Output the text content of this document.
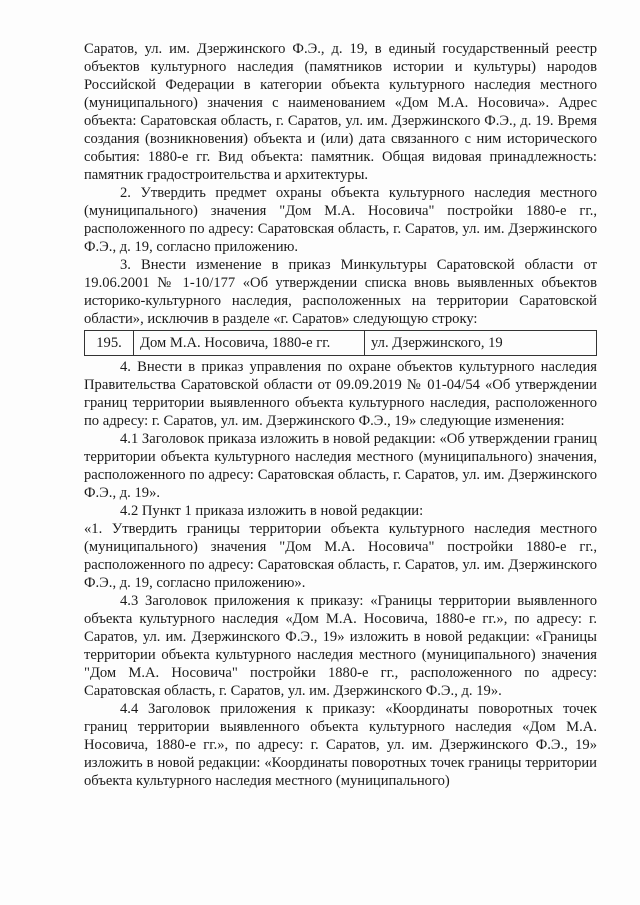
Саратов, ул. им. Дзержинского Ф.Э., д. 19, в единый государственный реестр объектов культурного наследия (памятников истории и культуры) народов Российской Федерации в категории объекта культурного наследия местного (муниципального) значения с наименованием «Дом М.А. Носовича». Адрес объекта: Саратовская область, г. Саратов, ул. им. Дзержинского Ф.Э., д. 19. Время создания (возникновения) объекта и (или) дата связанного с ним исторического события: 1880-е гг. Вид объекта: памятник. Общая видовая принадлежность: памятник градостроительства и архитектуры.

2. Утвердить предмет охраны объекта культурного наследия местного (муниципального) значения "Дом М.А. Носовича" постройки 1880-е гг., расположенного по адресу: Саратовская область, г. Саратов, ул. им. Дзержинского Ф.Э., д. 19, согласно приложению.

3. Внести изменение в приказ Минкультуры Саратовской области от 19.06.2001 № 1-10/177 «Об утверждении списка вновь выявленных объектов историко-культурного наследия, расположенных на территории Саратовской области», исключив в разделе «г. Саратов» следующую строку:

195.	Дом М.А. Носовича, 1880-е гг.	ул. Дзержинского, 19

4. Внести в приказ управления по охране объектов культурного наследия Правительства Саратовской области от 09.09.2019 № 01-04/54 «Об утверждении границ территории выявленного объекта культурного наследия, расположенного по адресу: г. Саратов, ул. им. Дзержинского Ф.Э., 19» следующие изменения:

4.1 Заголовок приказа изложить в новой редакции: «Об утверждении границ территории объекта культурного наследия местного (муниципального) значения, расположенного по адресу: Саратовская область, г. Саратов, ул. им. Дзержинского Ф.Э., д. 19».

4.2 Пункт 1 приказа изложить в новой редакции:

«1. Утвердить границы территории объекта культурного наследия местного (муниципального) значения "Дом М.А. Носовича" постройки 1880-е гг., расположенного по адресу: Саратовская область, г. Саратов, ул. им. Дзержинского Ф.Э., д. 19, согласно приложению».

4.3 Заголовок приложения к приказу: «Границы территории выявленного объекта культурного наследия «Дом М.А. Носовича, 1880-е гг.», по адресу: г. Саратов, ул. им. Дзержинского Ф.Э., 19» изложить в новой редакции: «Границы территории объекта культурного наследия местного (муниципального) значения "Дом М.А. Носовича" постройки 1880-е гг., расположенного по адресу: Саратовская область, г. Саратов, ул. им. Дзержинского Ф.Э., д. 19».

4.4 Заголовок приложения к приказу: «Координаты поворотных точек границ территории выявленного объекта культурного наследия «Дом М.А. Носовича, 1880-е гг.», по адресу: г. Саратов, ул. им. Дзержинского Ф.Э., 19» изложить в новой редакции: «Координаты поворотных точек границы территории объекта культурного наследия местного (муниципального)
